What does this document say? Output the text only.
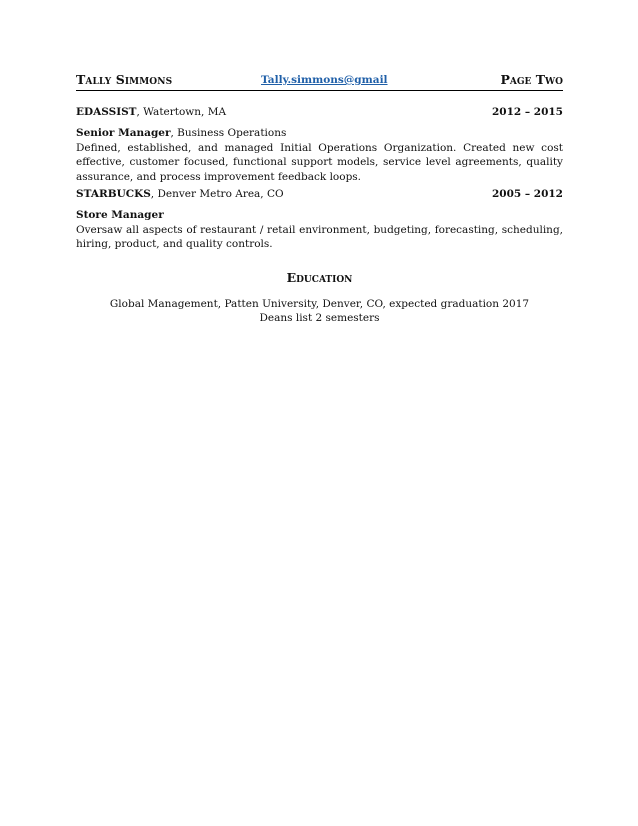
Tally Simmons	Tally.simmons@gmail	Page Two
EDASSIST, Watertown, MA	2012 – 2015
Senior Manager, Business Operations

Defined, established, and managed Initial Operations Organization. Created new cost effective, customer focused, functional support models, service level agreements, quality assurance, and process improvement feedback loops.

STARBUCKS, Denver Metro Area, CO	2005 – 2012
Store Manager

Oversaw all aspects of restaurant / retail environment, budgeting, forecasting, scheduling, hiring, product, and quality controls.

Education
Global Management, Patten University, Denver, CO, expected graduation 2017
Deans list 2 semesters
